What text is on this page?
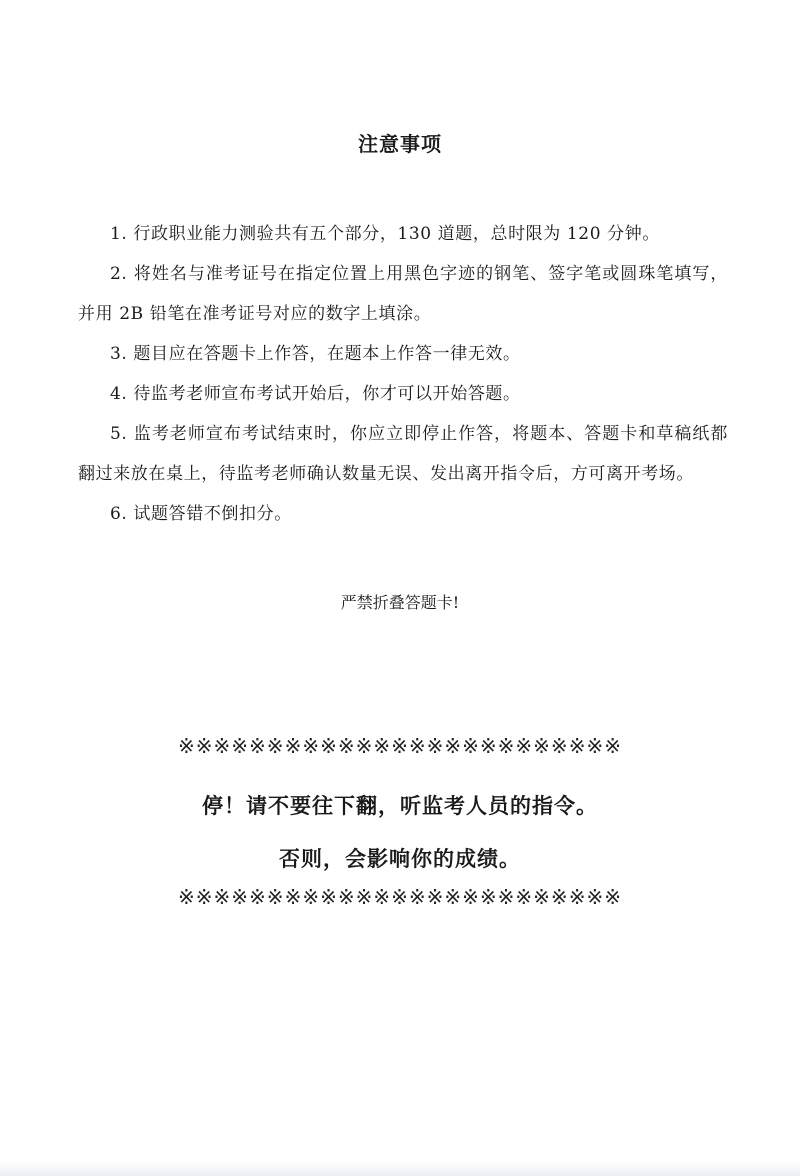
注意事项

1. 行政职业能力测验共有五个部分，130 道题，总时限为 120 分钟。

2. 将姓名与准考证号在指定位置上用黑色字迹的钢笔、签字笔或圆珠笔填写，并用 2B 铅笔在准考证号对应的数字上填涂。

3. 题目应在答题卡上作答，在题本上作答一律无效。

4. 待监考老师宣布考试开始后，你才可以开始答题。

5. 监考老师宣布考试结束时，你应立即停止作答，将题本、答题卡和草稿纸都翻过来放在桌上，待监考老师确认数量无误、发出离开指令后，方可离开考场。

6. 试题答错不倒扣分。

严禁折叠答题卡!
※※※※※※※※※※※※※※※※※※※※※※※※※
停！请不要往下翻，听监考人员的指令。
否则，会影响你的成绩。
※※※※※※※※※※※※※※※※※※※※※※※※※
